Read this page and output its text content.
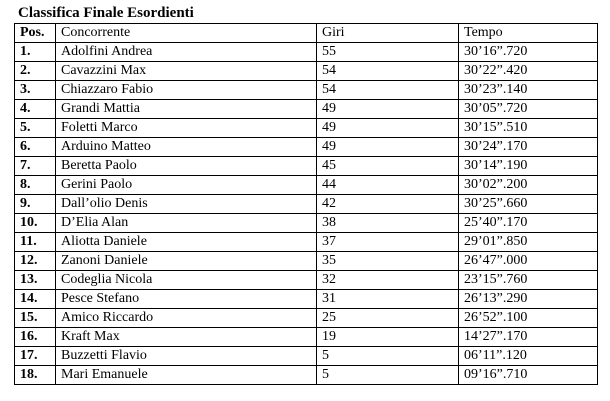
Classifica Finale Esordienti
Pos.	Concorrente	Giri	Tempo
1.	Adolfini Andrea	55	30’16”.720
2.	Cavazzini Max	54	30’22”.420
3.	Chiazzaro Fabio	54	30’23”.140
4.	Grandi Mattia	49	30’05”.720
5.	Foletti Marco	49	30’15”.510
6.	Arduino Matteo	49	30’24”.170
7.	Beretta Paolo	45	30’14”.190
8.	Gerini Paolo	44	30’02”.200
9.	Dall’olio Denis	42	30’25”.660
10.	D’Elia Alan	38	25’40”.170
11.	Aliotta Daniele	37	29’01”.850
12.	Zanoni Daniele	35	26’47”.000
13.	Codeglia Nicola	32	23’15”.760
14.	Pesce Stefano	31	26’13”.290
15.	Amico Riccardo	25	26’52”.100
16.	Kraft Max	19	14’27”.170
17.	Buzzetti Flavio	5	06’11”.120
18.	Mari Emanuele	5	09’16”.710
